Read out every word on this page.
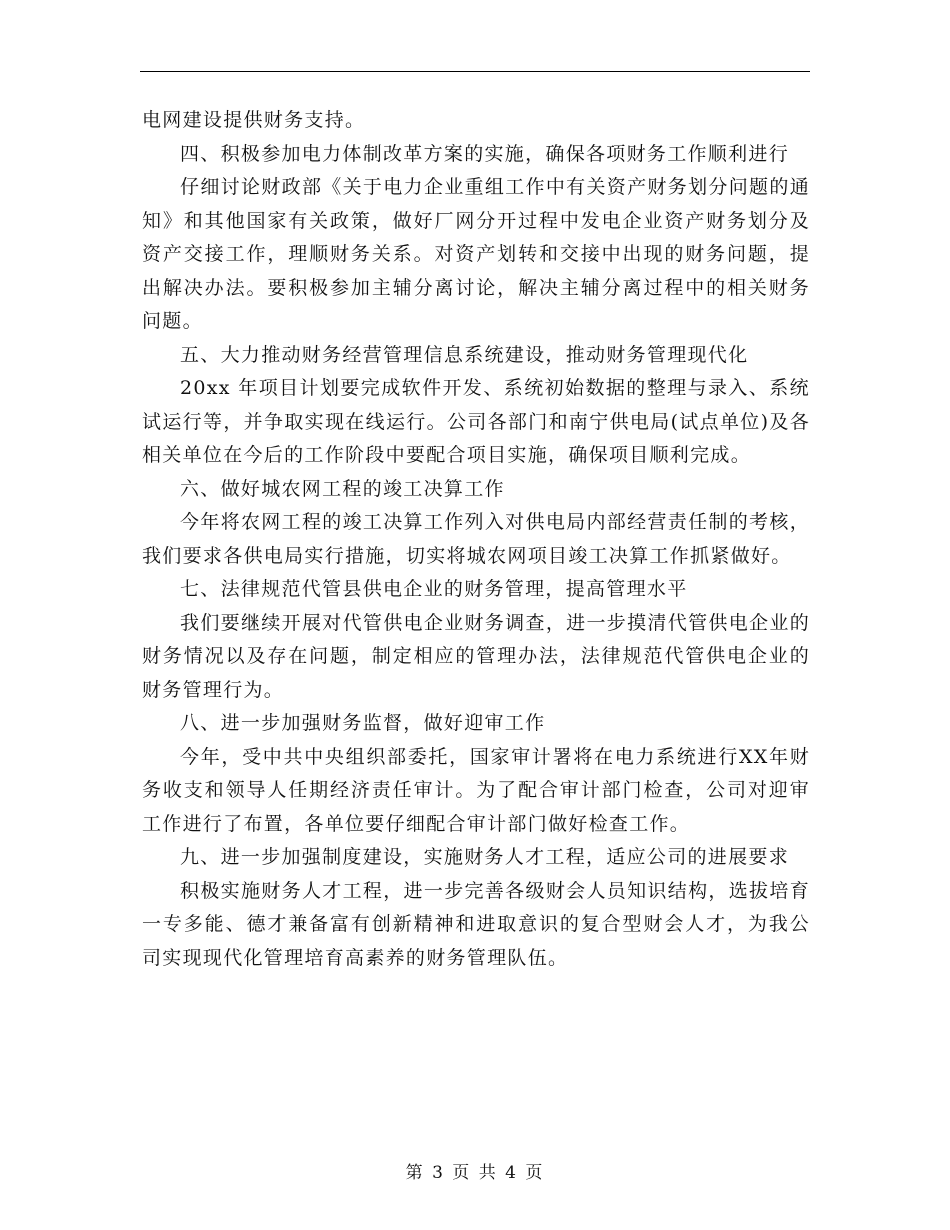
电网建设提供财务支持。

四、积极参加电力体制改革方案的实施，确保各项财务工作顺利进行

仔细讨论财政部《关于电力企业重组工作中有关资产财务划分问题的通知》和其他国家有关政策，做好厂网分开过程中发电企业资产财务划分及资产交接工作，理顺财务关系。对资产划转和交接中出现的财务问题，提出解决办法。要积极参加主辅分离讨论，解决主辅分离过程中的相关财务问题。

五、大力推动财务经营管理信息系统建设，推动财务管理现代化

20xx 年项目计划要完成软件开发、系统初始数据的整理与录入、系统试运行等，并争取实现在线运行。公司各部门和南宁供电局(试点单位)及各相关单位在今后的工作阶段中要配合项目实施，确保项目顺利完成。

六、做好城农网工程的竣工决算工作

今年将农网工程的竣工决算工作列入对供电局内部经营责任制的考核，我们要求各供电局实行措施，切实将城农网项目竣工决算工作抓紧做好。

七、法律规范代管县供电企业的财务管理，提高管理水平

我们要继续开展对代管供电企业财务调查，进一步摸清代管供电企业的财务情况以及存在问题，制定相应的管理办法，法律规范代管供电企业的财务管理行为。

八、进一步加强财务监督，做好迎审工作

今年，受中共中央组织部委托，国家审计署将在电力系统进行XX年财务收支和领导人任期经济责任审计。为了配合审计部门检查，公司对迎审工作进行了布置，各单位要仔细配合审计部门做好检查工作。

九、进一步加强制度建设，实施财务人才工程，适应公司的进展要求

积极实施财务人才工程，进一步完善各级财会人员知识结构，选拔培育一专多能、德才兼备富有创新精神和进取意识的复合型财会人才，为我公司实现现代化管理培育高素养的财务管理队伍。

第 3 页 共 4 页
